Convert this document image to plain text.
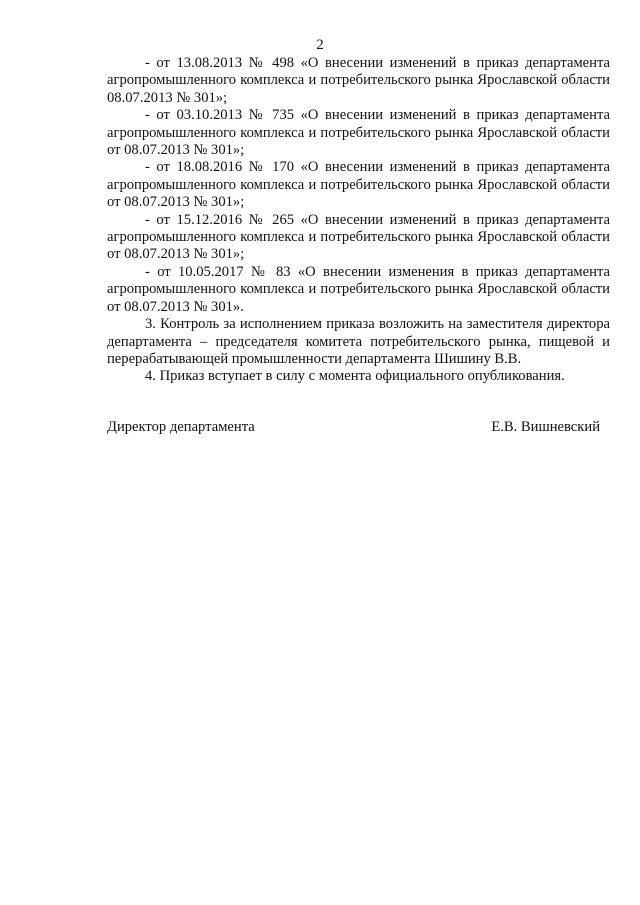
2

- от 13.08.2013 № 498 «О внесении изменений в приказ департамента агропромышленного комплекса и потребительского рынка Ярославской области 08.07.2013 № 301»;

- от 03.10.2013 № 735 «О внесении изменений в приказ департамента агропромышленного комплекса и потребительского рынка Ярославской области от 08.07.2013 № 301»;

- от 18.08.2016 № 170 «О внесении изменений в приказ департамента агропромышленного комплекса и потребительского рынка Ярославской области от 08.07.2013 № 301»;

- от 15.12.2016 № 265 «О внесении изменений в приказ департамента агропромышленного комплекса и потребительского рынка Ярославской области от 08.07.2013 № 301»;

- от 10.05.2017 № 83 «О внесении изменения в приказ департамента агропромышленного комплекса и потребительского рынка Ярославской области от 08.07.2013 № 301».

3. Контроль за исполнением приказа возложить на заместителя директора департамента – председателя комитета потребительского рынка, пищевой и перерабатывающей промышленности департамента Шишину В.В.

4. Приказ вступает в силу с момента официального опубликования.

Директор департамента	Е.В. Вишневский
